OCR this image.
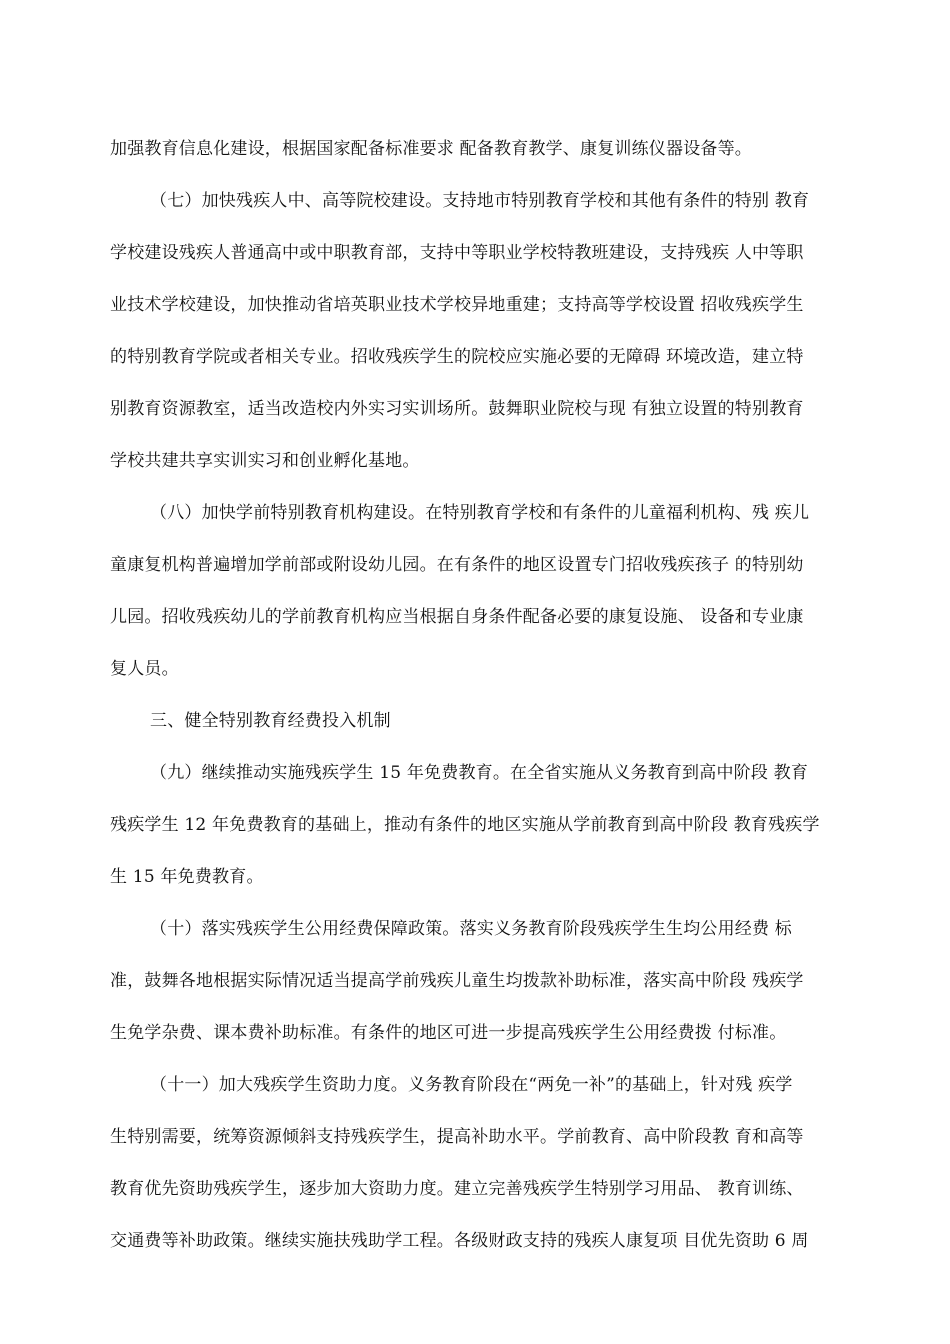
加强教育信息化建设，根据国家配备标准要求 配备教育教学、康复训练仪器设备等。
（七）加快残疾人中、高等院校建设。支持地市特别教育学校和其他有条件的特别 教育
学校建设残疾人普通高中或中职教育部，支持中等职业学校特教班建设，支持残疾 人中等职
业技术学校建设，加快推动省培英职业技术学校异地重建；支持高等学校设置 招收残疾学生
的特别教育学院或者相关专业。招收残疾学生的院校应实施必要的无障碍 环境改造，建立特
别教育资源教室，适当改造校内外实习实训场所。鼓舞职业院校与现 有独立设置的特别教育
学校共建共享实训实习和创业孵化基地。
（八）加快学前特别教育机构建设。在特别教育学校和有条件的儿童福利机构、残 疾儿
童康复机构普遍增加学前部或附设幼儿园。在有条件的地区设置专门招收残疾孩子 的特别幼
儿园。招收残疾幼儿的学前教育机构应当根据自身条件配备必要的康复设施、 设备和专业康
复人员。
三、健全特别教育经费投入机制
（九）继续推动实施残疾学生 15 年免费教育。在全省实施从义务教育到高中阶段 教育
残疾学生 12 年免费教育的基础上，推动有条件的地区实施从学前教育到高中阶段 教育残疾学
生 15 年免费教育。
（十）落实残疾学生公用经费保障政策。落实义务教育阶段残疾学生生均公用经费 标
准，鼓舞各地根据实际情况适当提高学前残疾儿童生均拨款补助标准，落实高中阶段 残疾学
生免学杂费、课本费补助标准。有条件的地区可进一步提高残疾学生公用经费拨 付标准。
（十一）加大残疾学生资助力度。义务教育阶段在“两免一补”的基础上，针对残 疾学
生特别需要，统筹资源倾斜支持残疾学生，提高补助水平。学前教育、高中阶段教 育和高等
教育优先资助残疾学生，逐步加大资助力度。建立完善残疾学生特别学习用品、 教育训练、
交通费等补助政策。继续实施扶残助学工程。各级财政支持的残疾人康复项 目优先资助 6 周
